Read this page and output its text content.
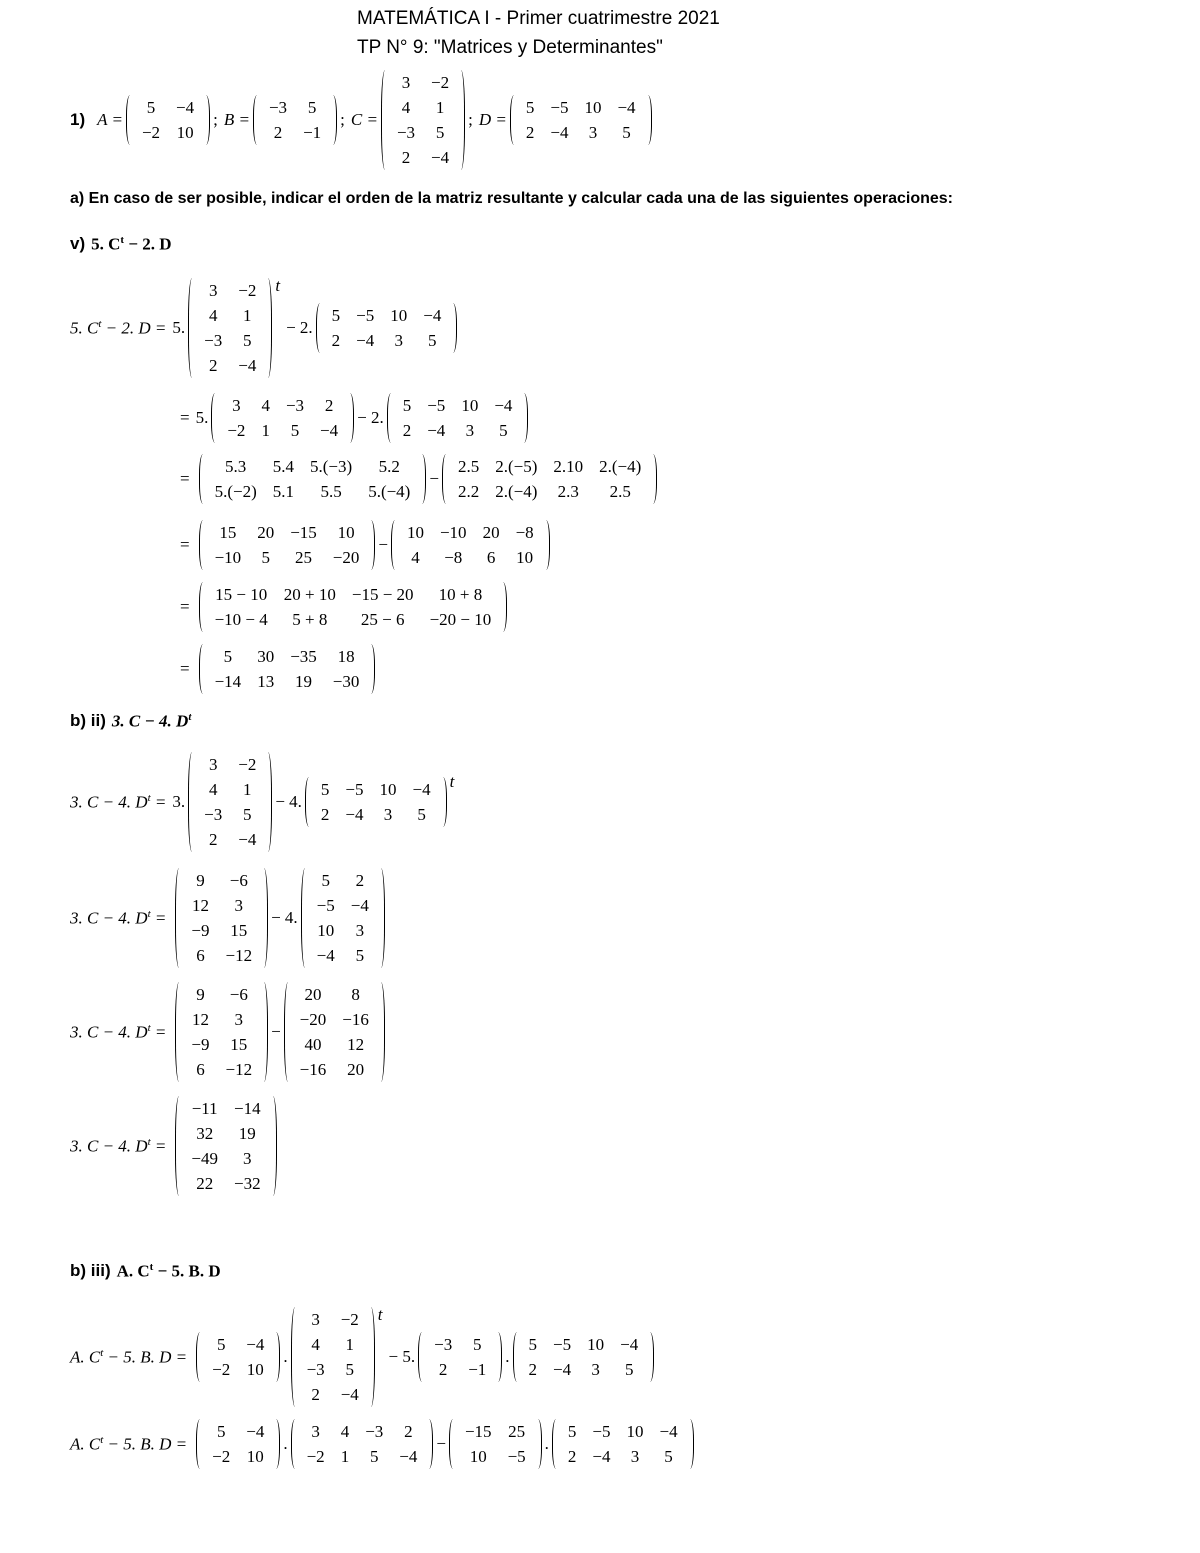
MATEMÁTICA I - Primer cuatrimestre 2021
TP N° 9: "Matrices y Determinantes"
1) A =
5	−4
−2	10
; B =
−3	5
2	−1
; C =
3	−2
4	1
−3	5
2	−4
; D =
5	−5	10	−4
2	−4	3	5
a) En caso de ser posible, indicar el orden de la matriz resultante y calcular cada una de las siguientes operaciones:
v) 5. $C^t - 2$. D
5. $C^t - 2$. D = 5.
3	−2
4	1
−3	5
2	−4
t
− 2.
5	−5	10	−4
2	−4	3	5
= 5.
3	4	−3	2
−2	1	5	−4
− 2.
5	−5	10	−4
2	−4	3	5
=
5.3	5.4	5.(−3)	5.2
5.(−2)	5.1	5.5	5.(−4)
−
2.5	2.(−5)	2.10	2.(−4)
2.2	2.(−4)	2.3	2.5
=
15	20	−15	10
−10	5	25	−20
−
10	−10	20	−8
4	−8	6	10
=
15 − 10	20 + 10	−15 − 20	10 + 8
−10 − 4	5 + 8	25 − 6	−20 − 10
=
5	30	−35	18
−14	13	19	−30
b) ii) 3. C − 4. $D^t$
3. C − 4. $D^t = 3$.
3	−2
4	1
−3	5
2	−4
− 4.
5	−5	10	−4
2	−4	3	5
t
3. C − 4. $D^t$ =
9	−6
12	3
−9	15
6	−12
− 4.
5	2
−5	−4
10	3
−4	5
3. C − 4. $D^t$ =
9	−6
12	3
−9	15
6	−12
−
20	8
−20	−16
40	12
−16	20
3. C − 4. $D^t$ =
−11	−14
32	19
−49	3
22	−32
b) iii) A. $C^t - 5$. B. D
A. $C^t - 5$. B. D =
5	−4
−2	10
.
3	−2
4	1
−3	5
2	−4
t
− 5.
−3	5
2	−1
.
5	−5	10	−4
2	−4	3	5
A. $C^t - 5$. B. D =
5	−4
−2	10
.
3	4	−3	2
−2	1	5	−4
−
−15	25
10	−5
.
5	−5	10	−4
2	−4	3	5
